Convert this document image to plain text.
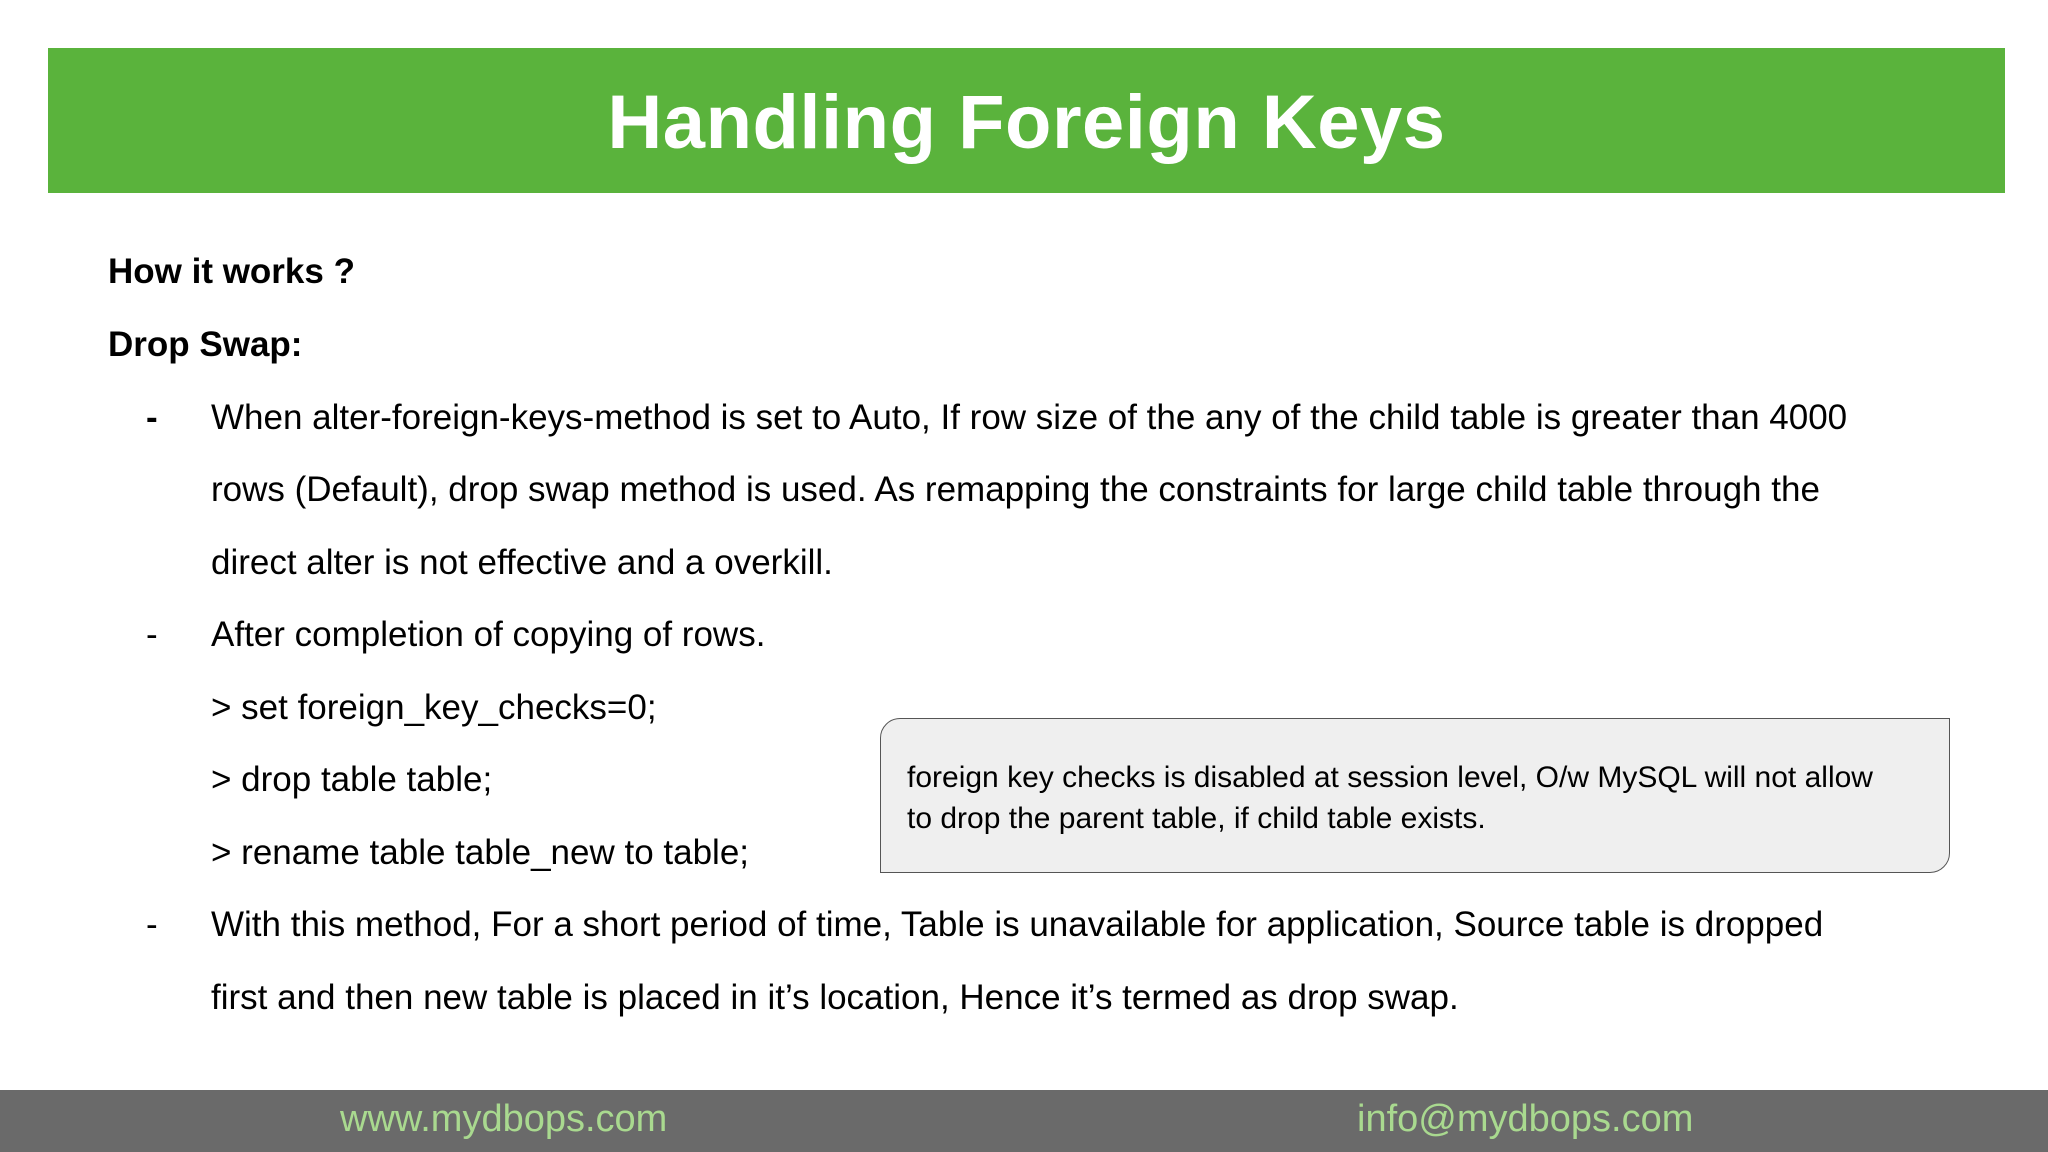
Handling Foreign Keys
How it works ?
Drop Swap:
- When alter-foreign-keys-method is set to Auto, If row size of the any of the child table is greater than 4000
rows (Default), drop swap method is used. As remapping the constraints for large child table through the
direct alter is not effective and a overkill.
- After completion of copying of rows.
> set foreign_key_checks=0;
> drop table table;
> rename table table_new to table;
- With this method, For a short period of time, Table is unavailable for application, Source table is dropped
first and then new table is placed in it’s location, Hence it’s termed as drop swap.
foreign key checks is disabled at session level, O/w MySQL will not allow
to drop the parent table, if child table exists.
www.mydbops.com	info@mydbops.com
